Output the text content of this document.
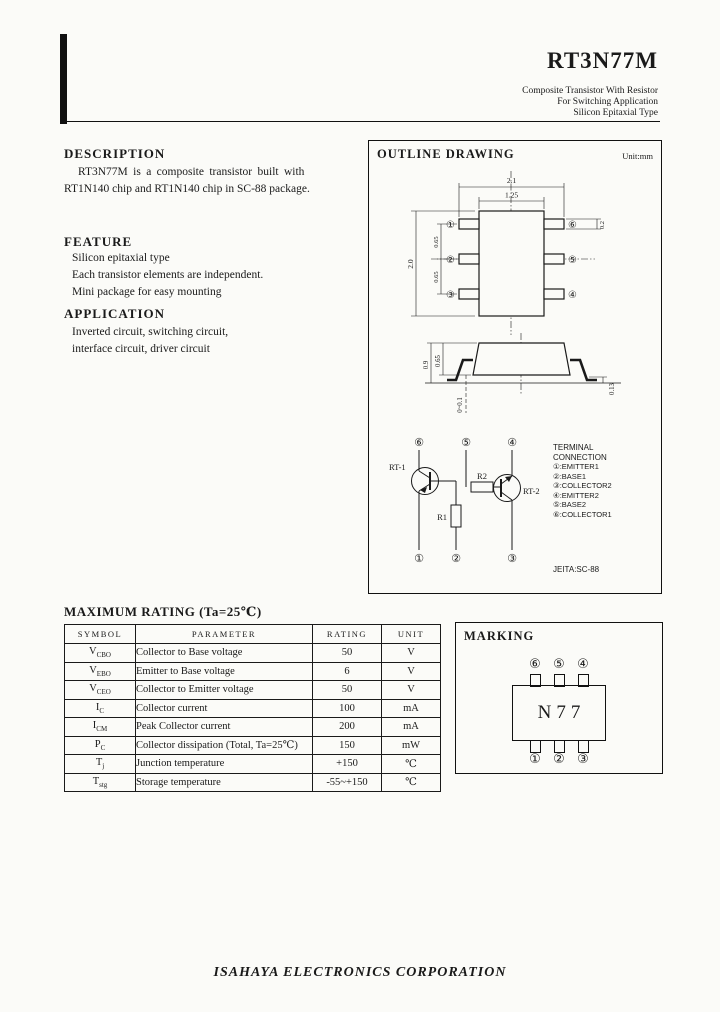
RT3N77M
Composite Transistor With Resistor
For Switching Application
Silicon Epitaxial Type
DESCRIPTION
RT3N77M is a composite transistor built with
RT1N140 chip and RT1N140 chip in SC-88 package.
FEATURE
Silicon epitaxial type
Each transistor elements are independent.
Mini package for easy mounting
APPLICATION
Inverted circuit, switching circuit,
interface circuit, driver circuit
OUTLINE DRAWING	Unit:mm
2.1
1.25
2.0
0.65
0.65
0.2
①
②
③
⑥
⑤
④
0.9 0.65
0~0.1
0.13
⑥	⑤	④
① ②	③
RT-1
RT-2
R1
R2
TERMINAL
CONNECTION
①:EMITTER1
②:BASE1
③:COLLECTOR2
④:EMITTER2
⑤:BASE2
⑥:COLLECTOR1
JEITA:SC-88
MAXIMUM RATING (Ta=25℃)
SYMBOL	PARAMETER	RATING	UNIT
$V_{CBO}$	Collector to Base voltage	50	V
$V_{EBO}$	Emitter to Base voltage	6	V
$V_{CEO}$	Collector to Emitter voltage	50	V
$I_C$	Collector current	100	mA
$I_{CM}$	Peak Collector current	200	mA
$P_C$	Collector dissipation (Total, Ta=25℃)	150	mW
$T_j$	Junction temperature	+150	℃
$T_{stg}$	Storage temperature	-55~+150	℃
MARKING
⑥ ⑤ ④
N77
① ② ③
ISAHAYA ELECTRONICS CORPORATION
